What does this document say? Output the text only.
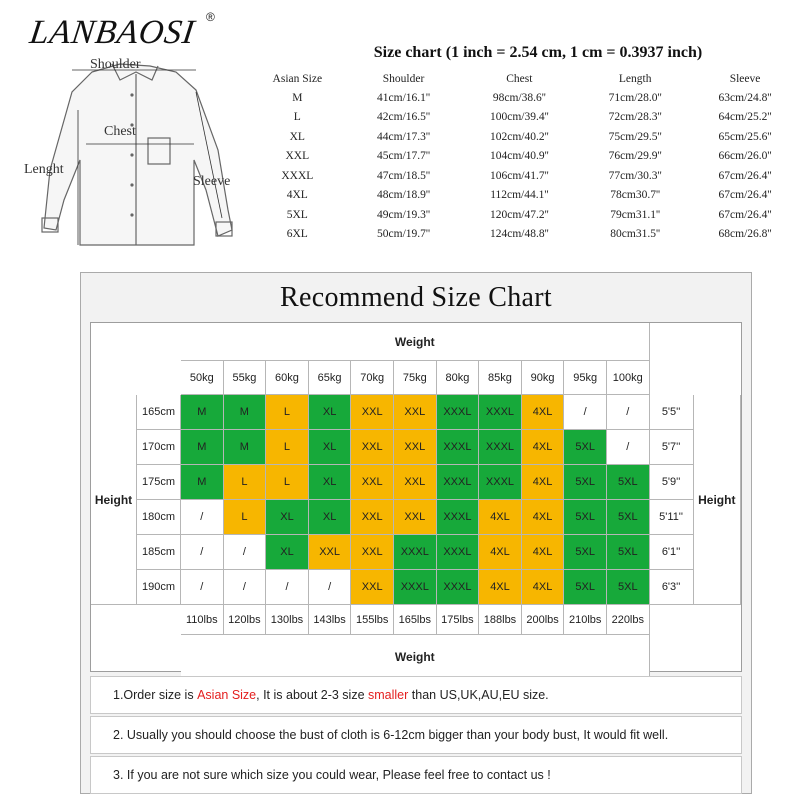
LANBAOSI ®
Shoulder
Chest
Lenght
Sleeve
Size chart (1 inch = 2.54 cm, 1 cm = 0.3937 inch)
Asian Size	Shoulder	Chest	Length	Sleeve
M	41cm/16.1''	98cm/38.6''	71cm/28.0''	63cm/24.8''
L	42cm/16.5''	100cm/39.4''	72cm/28.3''	64cm/25.2''
XL	44cm/17.3''	102cm/40.2''	75cm/29.5''	65cm/25.6''
XXL	45cm/17.7''	104cm/40.9''	76cm/29.9''	66cm/26.0''
XXXL	47cm/18.5''	106cm/41.7''	77cm/30.3''	67cm/26.4''
4XL	48cm/18.9''	112cm/44.1''	78cm30.7''	67cm/26.4''
5XL	49cm/19.3''	120cm/47.2''	79cm31.1''	67cm/26.4''
6XL	50cm/19.7''	124cm/48.8''	80cm31.5''	68cm/26.8''
Recommend Size Chart
Weight
50kg	55kg	60kg	65kg	70kg	75kg	80kg	85kg	90kg	95kg	100kg
Height	Height
165cm	M	M	L	XL	XXL	XXL	XXXL	XXXL	4XL	/	/	5'5''
170cm	M	M	L	XL	XXL	XXL	XXXL	XXXL	4XL	5XL	/	5'7''
175cm	M	L	L	XL	XXL	XXL	XXXL	XXXL	4XL	5XL	5XL	5'9''
180cm	/	L	XL	XL	XXL	XXL	XXXL	4XL	4XL	5XL	5XL	5'11''
185cm	/	/	XL	XXL	XXL	XXXL	XXXL	4XL	4XL	5XL	5XL	6'1''
190cm	/	/	/	/	XXL	XXXL	XXXL	4XL	4XL	5XL	5XL	6'3''
110lbs 120lbs 130lbs 143lbs 155lbs 165lbs 175lbs 188lbs 200lbs 210lbs 220lbs
Weight
1.Order size is
Asian Size , It is about 2-3 size
smaller
than US,UK,AU,EU size.
2. Usually you should choose the bust of cloth is 6-12cm bigger than your body bust, It would fit well.
3. If you are not sure which size you could wear, Please feel free to contact us !
